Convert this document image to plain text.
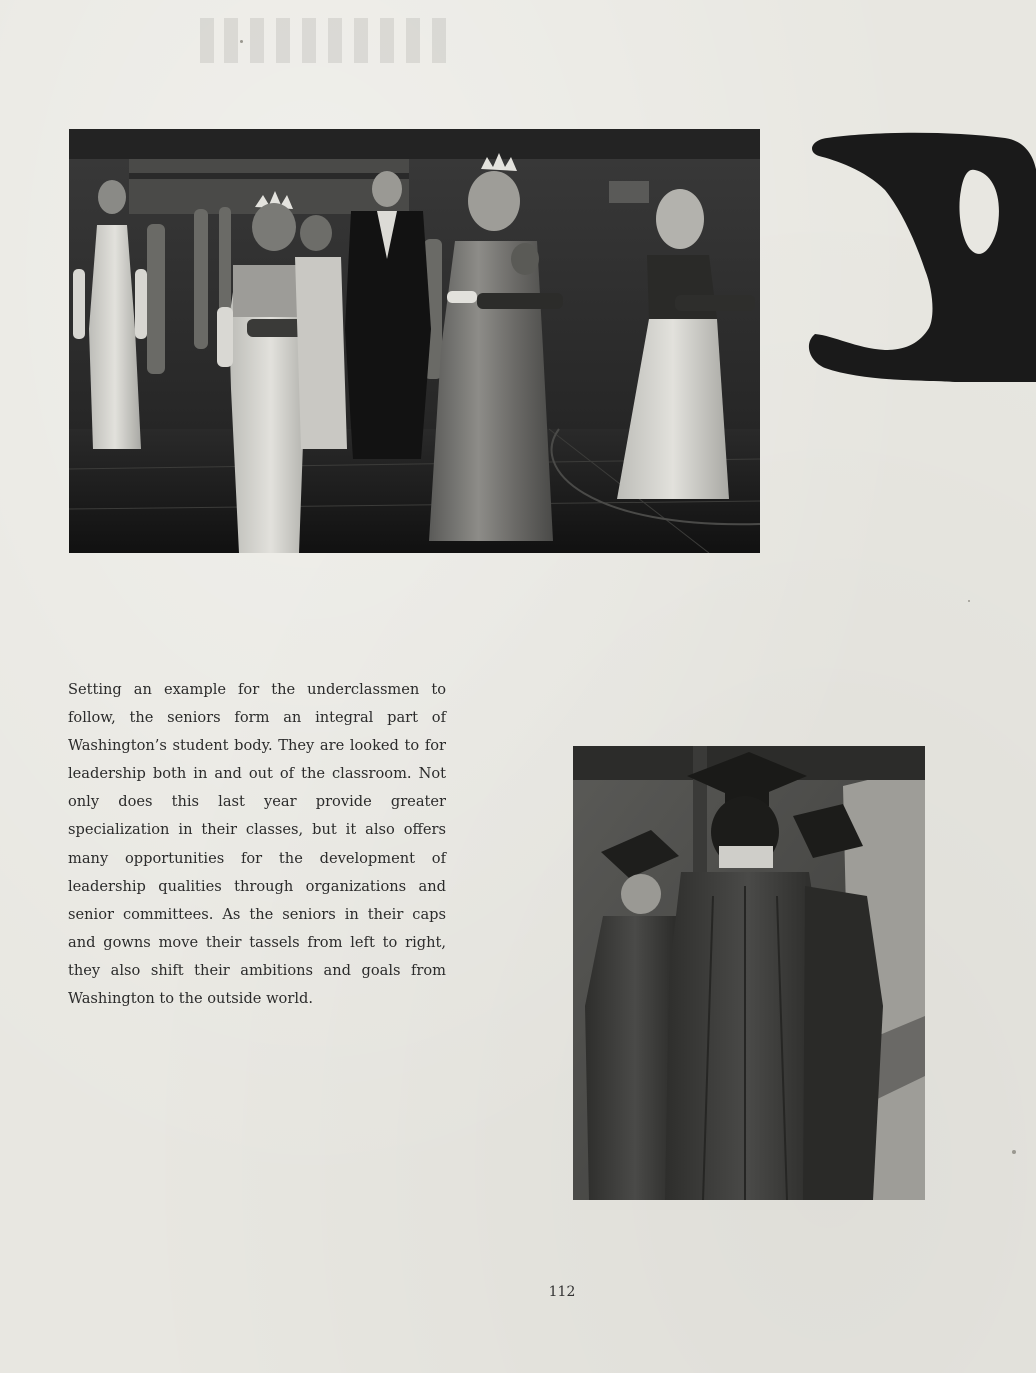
Setting an example for the underclassmen to follow, the seniors form an integral part of Washington’s student body. They are looked to for leadership both in and out of the classroom. Not only does this last year provide greater specialization in their classes, but it also offers many opportunities for the development of leadership qualities through organizations and senior committees. As the seniors in their caps and gowns move their tassels from left to right, they also shift their ambitions and goals from Washington to the outside world.

112
